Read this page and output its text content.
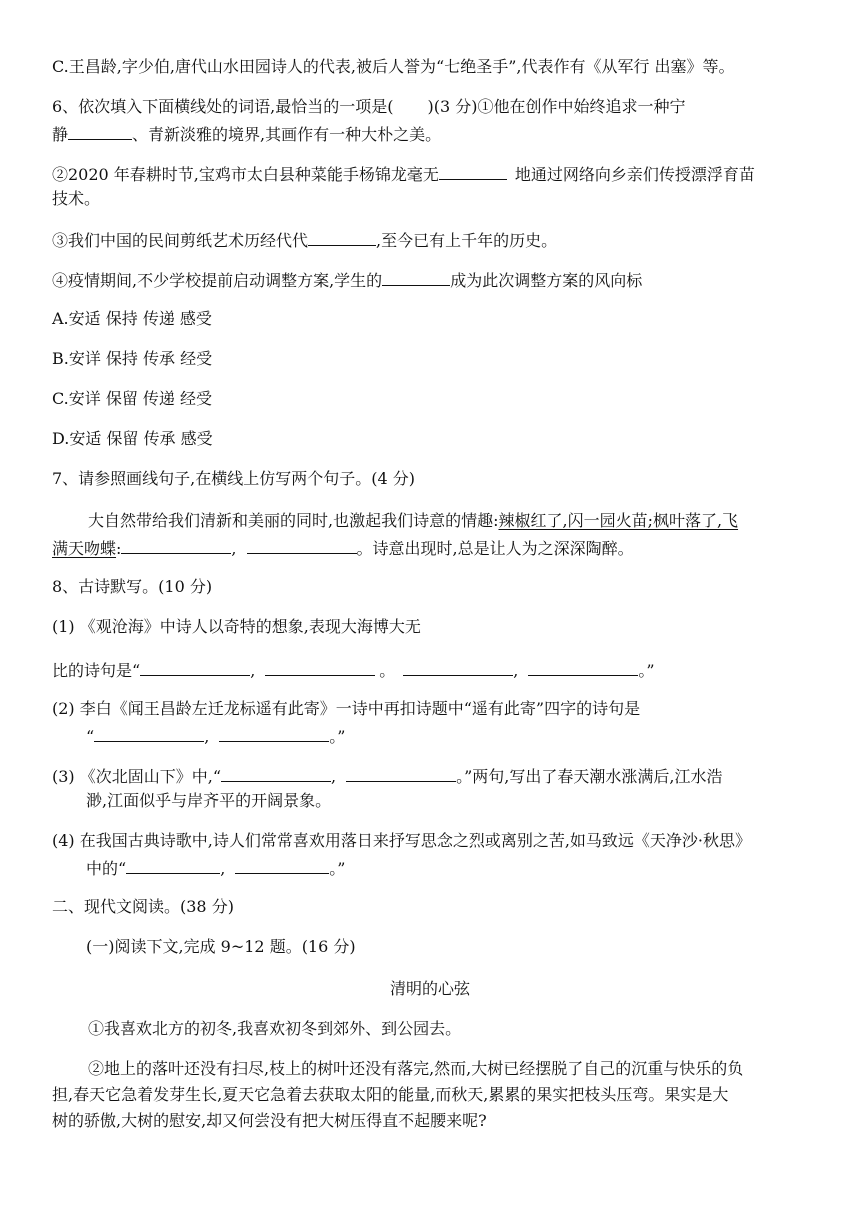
C.王昌龄,字少伯,唐代山水田园诗人的代表,被后人誉为“七绝圣手”,代表作有《从军行 出塞》等。
6、依次填入下面横线处的词语,最恰当的一项是( )(3 分)①他在创作中始终追求一种宁
静	、青新淡雅的境界,其画作有一种大朴之美。
②2020 年春耕时节,宝鸡市太白县种菜能手杨锦龙毫无	地通过网络向乡亲们传授漂浮育苗
技术。
③我们中国的民间剪纸艺术历经代代	,至今已有上千年的历史。
④疫情期间,不少学校提前启动调整方案,学生的	成为此次调整方案的风向标
A.安适 保持 传递 感受
B.安详 保持 传承 经受
C.安详 保留 传递 经受
D.安适 保留 传承 感受
7、请参照画线句子,在横线上仿写两个句子。(4 分)
大自然带给我们清新和美丽的同时,也激起我们诗意的情趣:辣椒红了,闪一园火苗;枫叶落了,飞
满天吻蝶:	,	。诗意出现时,总是让人为之深深陶醉。
8、古诗默写。(10 分)
(1) 《观沧海》中诗人以奇特的想象,表现大海博大无
比的诗句是“	,	。	,	。”
(2) 李白《闻王昌龄左迁龙标遥有此寄》一诗中再扣诗题中“遥有此寄”四字的诗句是
“	,	。”
(3) 《次北固山下》中,“	,	。”两句,写出了春天潮水涨满后,江水浩
渺,江面似乎与岸齐平的开阔景象。
(4) 在我国古典诗歌中,诗人们常常喜欢用落日来抒写思念之烈或离别之苦,如马致远《天净沙·秋思》
中的“	,	。”
二、现代文阅读。(38 分)
(一)阅读下文,完成 9~12 题。(16 分)
清明的心弦
①我喜欢北方的初冬,我喜欢初冬到郊外、到公园去。
②地上的落叶还没有扫尽,枝上的树叶还没有落完,然而,大树已经摆脱了自己的沉重与快乐的负
担,春天它急着发芽生长,夏天它急着去获取太阳的能量,而秋天,累累的果实把枝头压弯。果实是大
树的骄傲,大树的慰安,却又何尝没有把大树压得直不起腰来呢?
